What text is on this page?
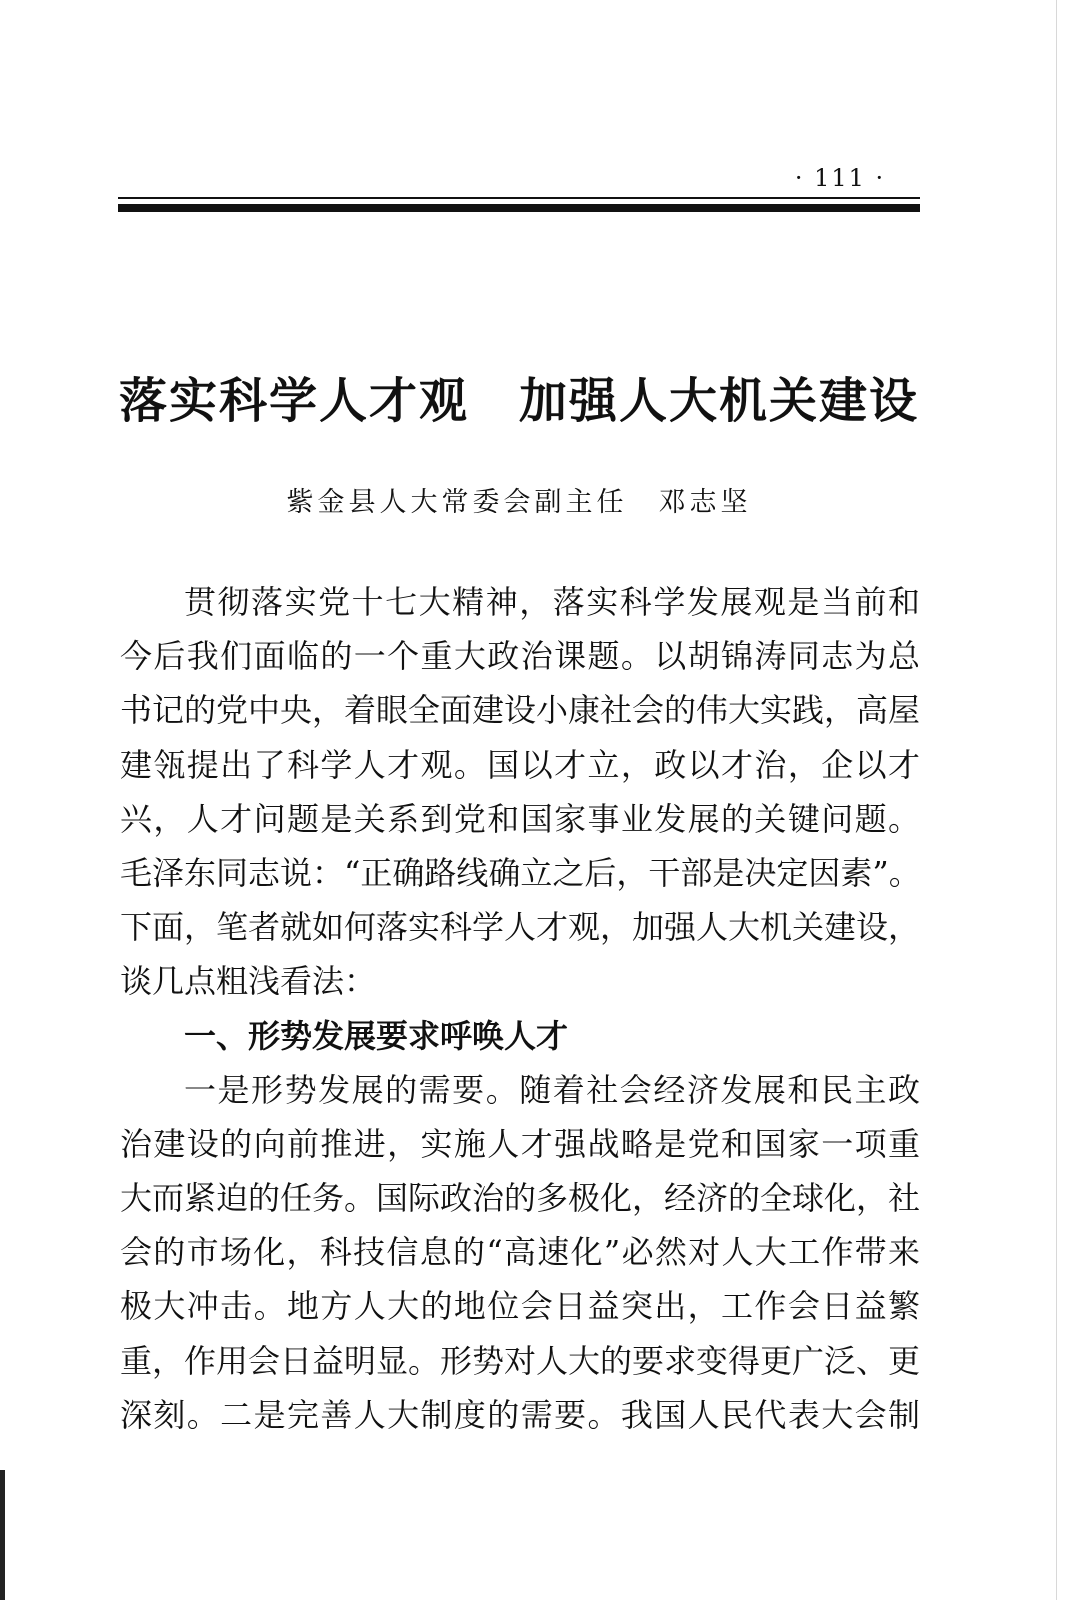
· 111 ·
落实科学人才观　加强人大机关建设
紫金县人大常委会副主任　邓志坚
贯彻落实党十七大精神，落实科学发展观是当前和
今后我们面临的一个重大政治课题。以胡锦涛同志为总
书记的党中央，着眼全面建设小康社会的伟大实践，高屋
建瓴提出了科学人才观。国以才立，政以才治，企以才
兴，人才问题是关系到党和国家事业发展的关键问题。
毛泽东同志说：“正确路线确立之后，干部是决定因素”。
下面，笔者就如何落实科学人才观，加强人大机关建设，
谈几点粗浅看法：
一、形势发展要求呼唤人才
一是形势发展的需要。随着社会经济发展和民主政
治建设的向前推进，实施人才强战略是党和国家一项重
大而紧迫的任务。国际政治的多极化，经济的全球化，社
会的市场化，科技信息的“高速化”必然对人大工作带来
极大冲击。地方人大的地位会日益突出，工作会日益繁
重，作用会日益明显。形势对人大的要求变得更广泛、更
深刻。二是完善人大制度的需要。我国人民代表大会制
